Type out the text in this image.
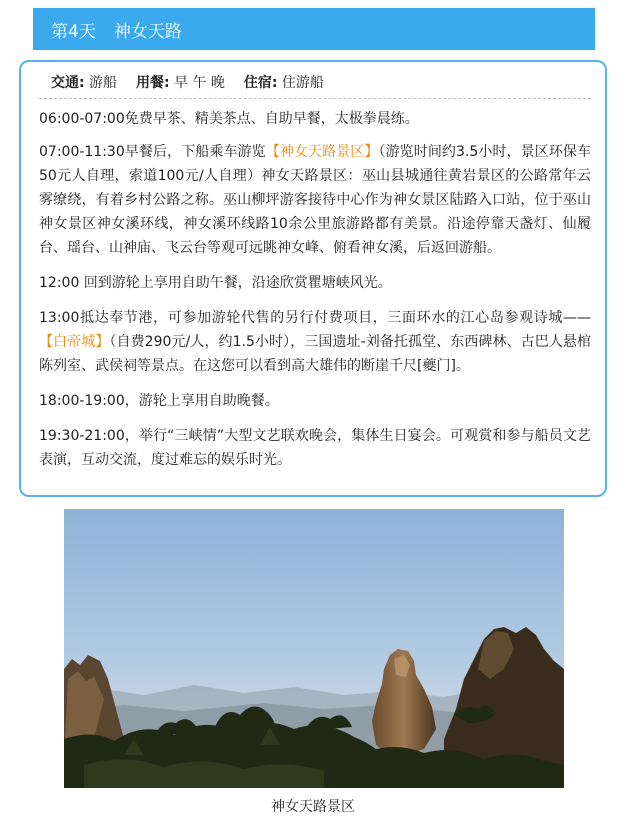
第4天 神女天路
交通: 游船 用餐: 早 午 晚 住宿: 住游船

06:00-07:00免费早茶、精美茶点、自助早餐，太极拳晨练。

07:00-11:30早餐后，下船乘车游览【神女天路景区】（游览时间约3.5小时，景区环保车50元人自理，索道100元/人自理）神女天路景区：巫山县城通往黄岩景区的公路常年云雾缭绕，有着乡村公路之称。巫山柳坪游客接待中心作为神女景区陆路入口站，位于巫山神女景区神女溪环线，神女溪环线路10余公里旅游路都有美景。沿途停靠天盏灯、仙履台、瑶台、山神庙、飞云台等观可远眺神女峰、俯看神女溪，后返回游船。

12:00 回到游轮上享用自助午餐，沿途欣赏瞿塘峡风光。

13:00抵达奉节港，可参加游轮代售的另行付费项目，三面环水的江心岛参观诗城——【白帝城】（自费290元/人，约1.5小时），三国遗址-刘备托孤堂、东西碑林、古巴人悬棺陈列室、武侯祠等景点。在这您可以看到高大雄伟的断崖千尺[夔门]。

18:00-19:00，游轮上享用自助晚餐。

19:30-21:00，举行“三峡情”大型文艺联欢晚会，集体生日宴会。可观赏和参与船员文艺表演，互动交流，度过难忘的娱乐时光。

神女天路景区
